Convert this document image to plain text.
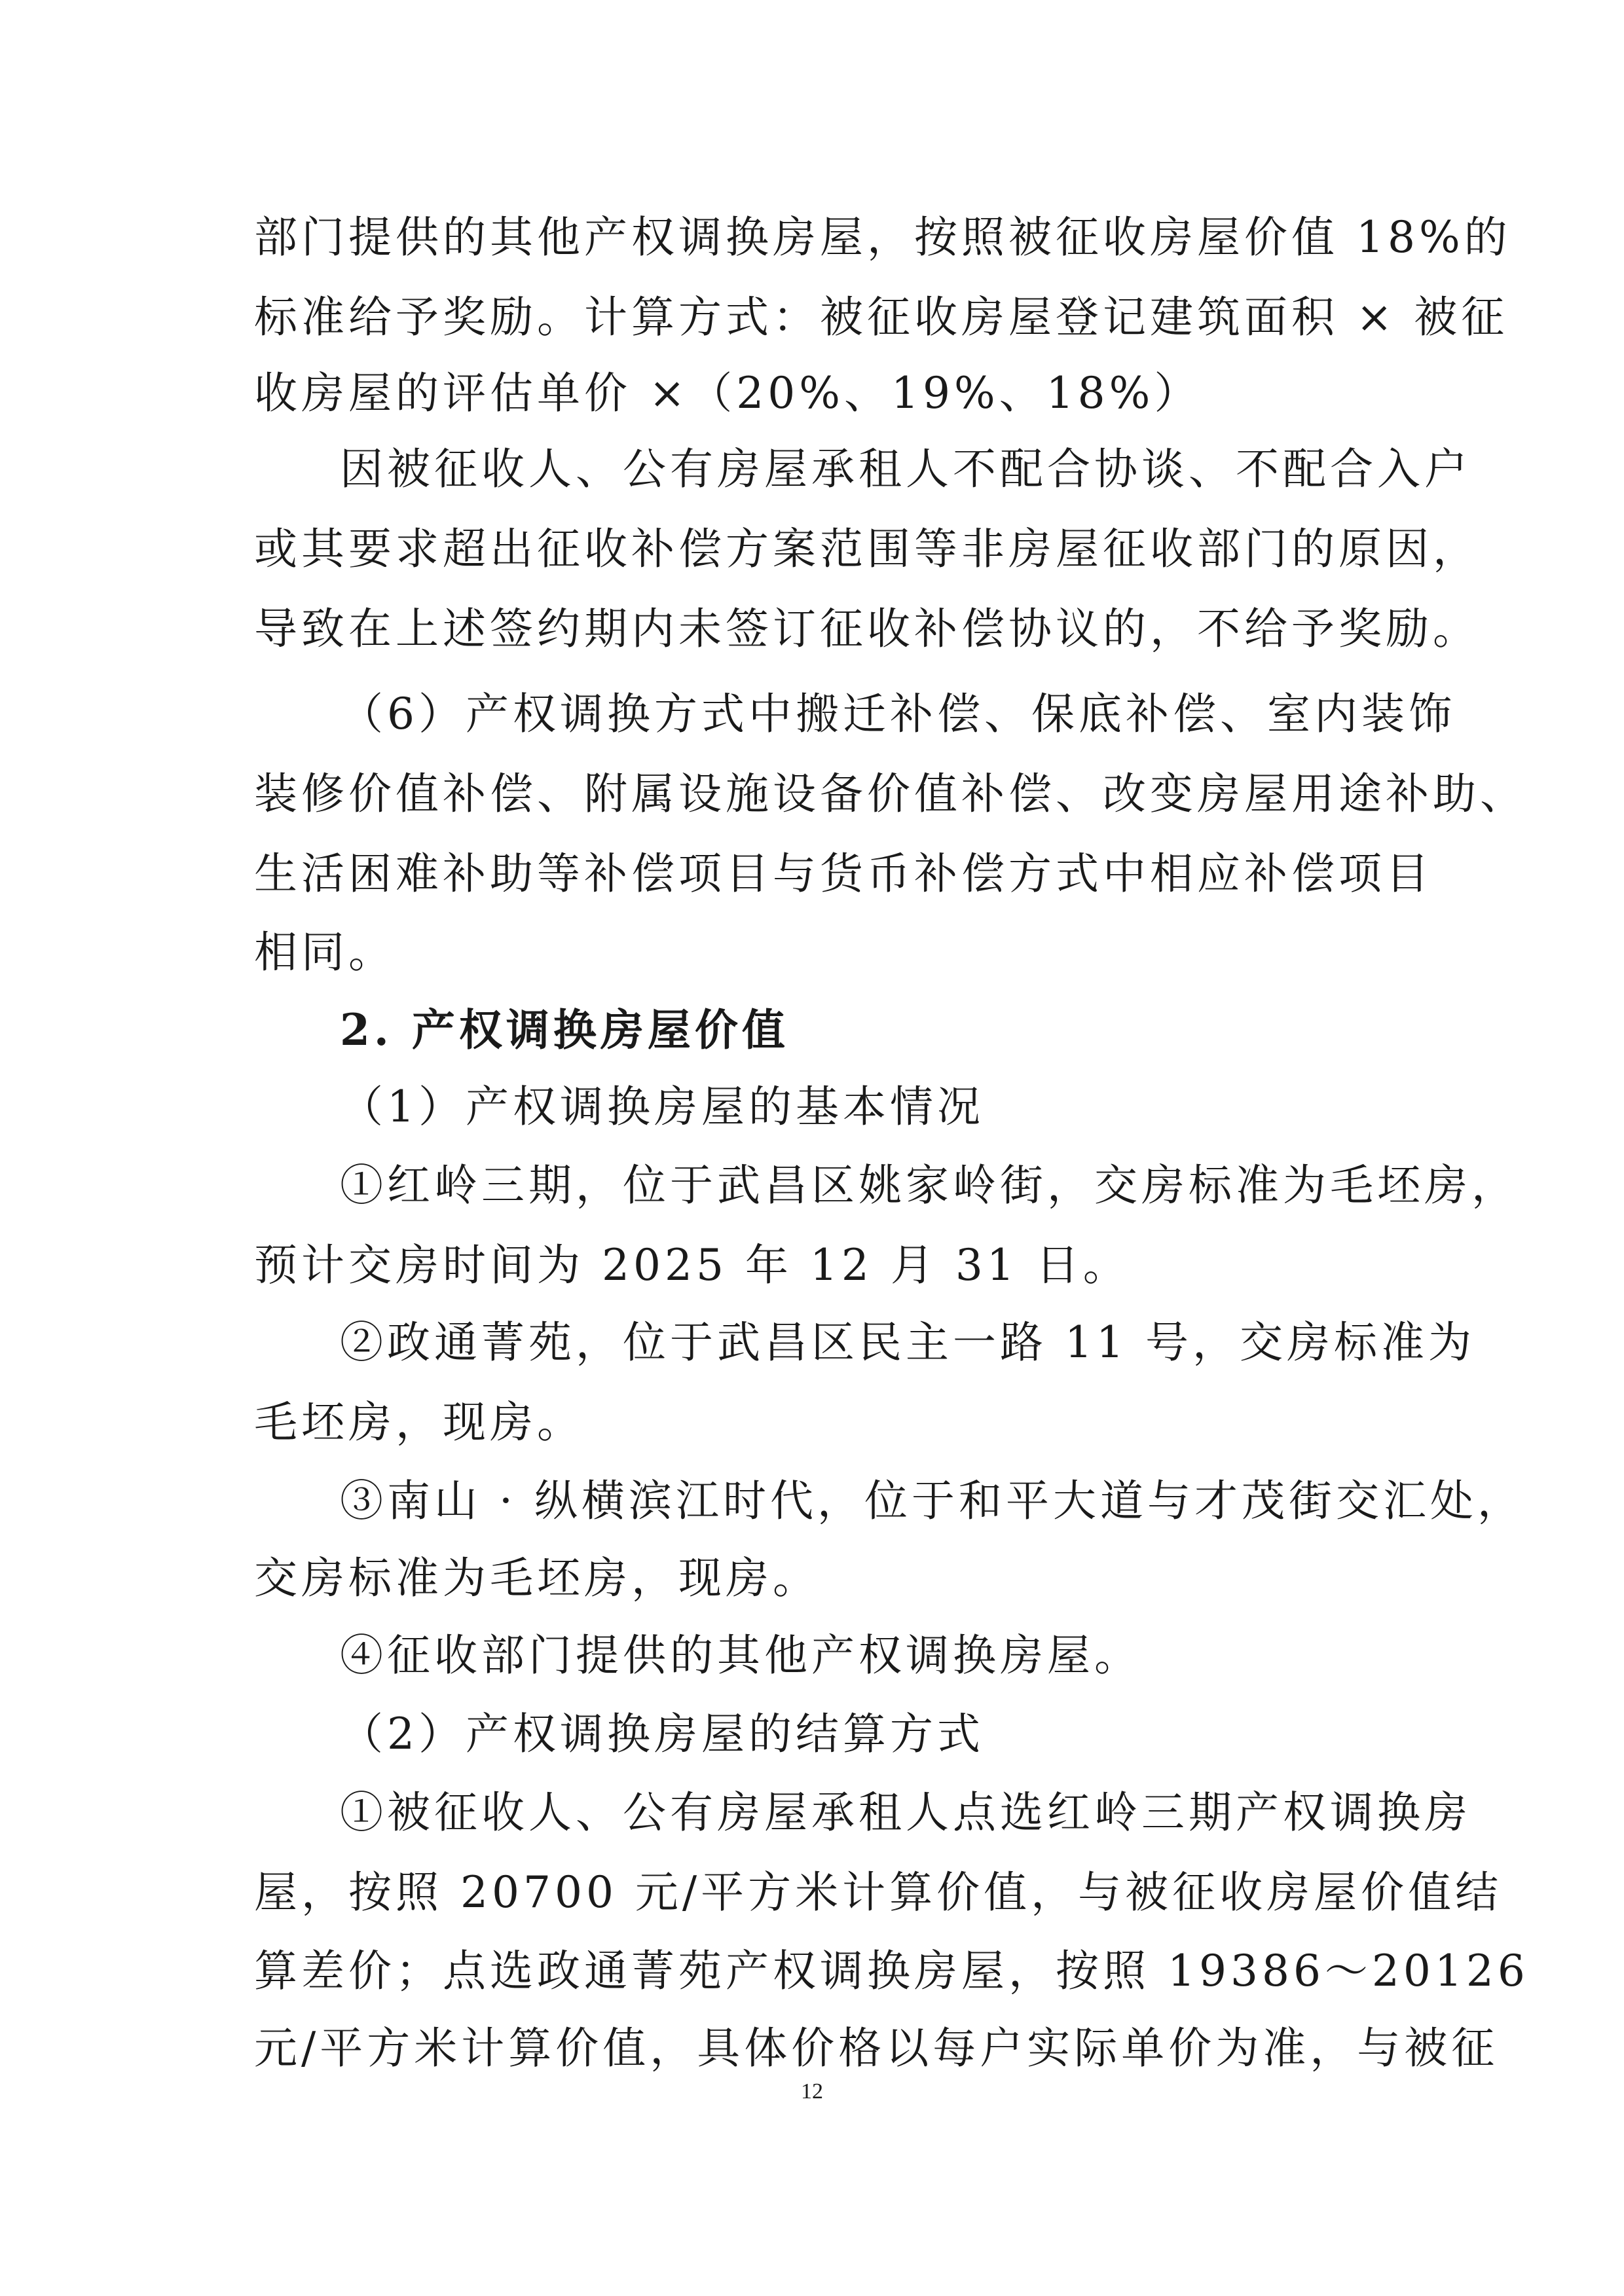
部门提供的其他产权调换房屋，按照被征收房屋价值 18%的
标准给予奖励。计算方式：被征收房屋登记建筑面积 × 被征
收房屋的评估单价 ×（20%、19%、18%）
因被征收人、公有房屋承租人不配合协谈、不配合入户
或其要求超出征收补偿方案范围等非房屋征收部门的原因，
导致在上述签约期内未签订征收补偿协议的，不给予奖励。
（6）产权调换方式中搬迁补偿、保底补偿、室内装饰
装修价值补偿、附属设施设备价值补偿、改变房屋用途补助、
生活困难补助等补偿项目与货币补偿方式中相应补偿项目
相同。
2. 产权调换房屋价值
（1）产权调换房屋的基本情况
①红岭三期，位于武昌区姚家岭街，交房标准为毛坯房，
预计交房时间为 2025 年 12 月 31 日。
②政通菁苑，位于武昌区民主一路 11 号，交房标准为
毛坯房，现房。
③南山 · 纵横滨江时代，位于和平大道与才茂街交汇处，
交房标准为毛坯房，现房。
④征收部门提供的其他产权调换房屋。
（2）产权调换房屋的结算方式
①被征收人、公有房屋承租人点选红岭三期产权调换房
屋，按照 20700 元/平方米计算价值，与被征收房屋价值结
算差价；点选政通菁苑产权调换房屋，按照 19386～20126
元/平方米计算价值，具体价格以每户实际单价为准，与被征
12
